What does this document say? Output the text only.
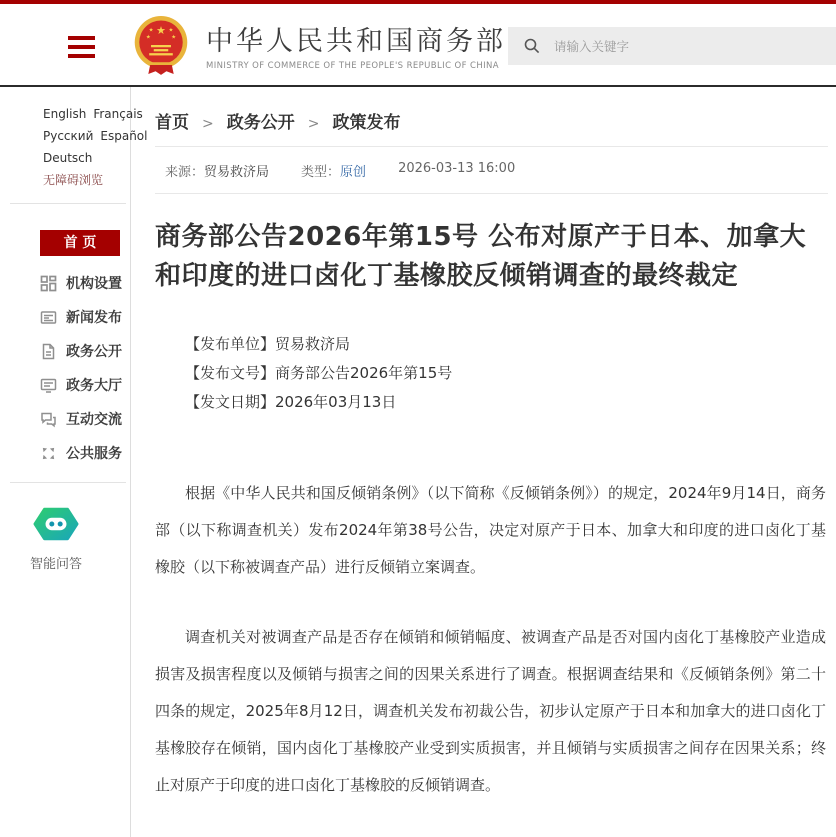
★
★	★
★	★ 中华人民共和国商务部
MINISTRY OF COMMERCE OF THE PEOPLE'S REPUBLIC OF CHINA
请输入关键字
English Français
Русский Español
Deutsch
无障碍浏览
首 页
机构设置
新闻发布
政务公开
政务大厅
互动交流
公共服务
智能问答
首页 > 政务公开 > 政策发布
来源：贸易救济局 类型：原创 2026-03-13 16:00
商务部公告2026年第15号 公布对原产于日本、加拿大和印度的进口卤化丁基橡胶反倾销调查的最终裁定

【发布单位】贸易救济局

【发布文号】商务部公告2026年第15号

【发文日期】2026年03月13日

根据《中华人民共和国反倾销条例》（以下简称《反倾销条例》）的规定，2024年9月14日，商务部（以下称调查机关）发布2024年第38号公告，决定对原产于日本、加拿大和印度的进口卤化丁基橡胶（以下称被调查产品）进行反倾销立案调查。

调查机关对被调查产品是否存在倾销和倾销幅度、被调查产品是否对国内卤化丁基橡胶产业造成损害及损害程度以及倾销与损害之间的因果关系进行了调查。根据调查结果和《反倾销条例》第二十四条的规定，2025年8月12日，调查机关发布初裁公告，初步认定原产于日本和加拿大的进口卤化丁基橡胶存在倾销，国内卤化丁基橡胶产业受到实质损害，并且倾销与实质损害之间存在因果关系；终止对原产于印度的进口卤化丁基橡胶的反倾销调查。
